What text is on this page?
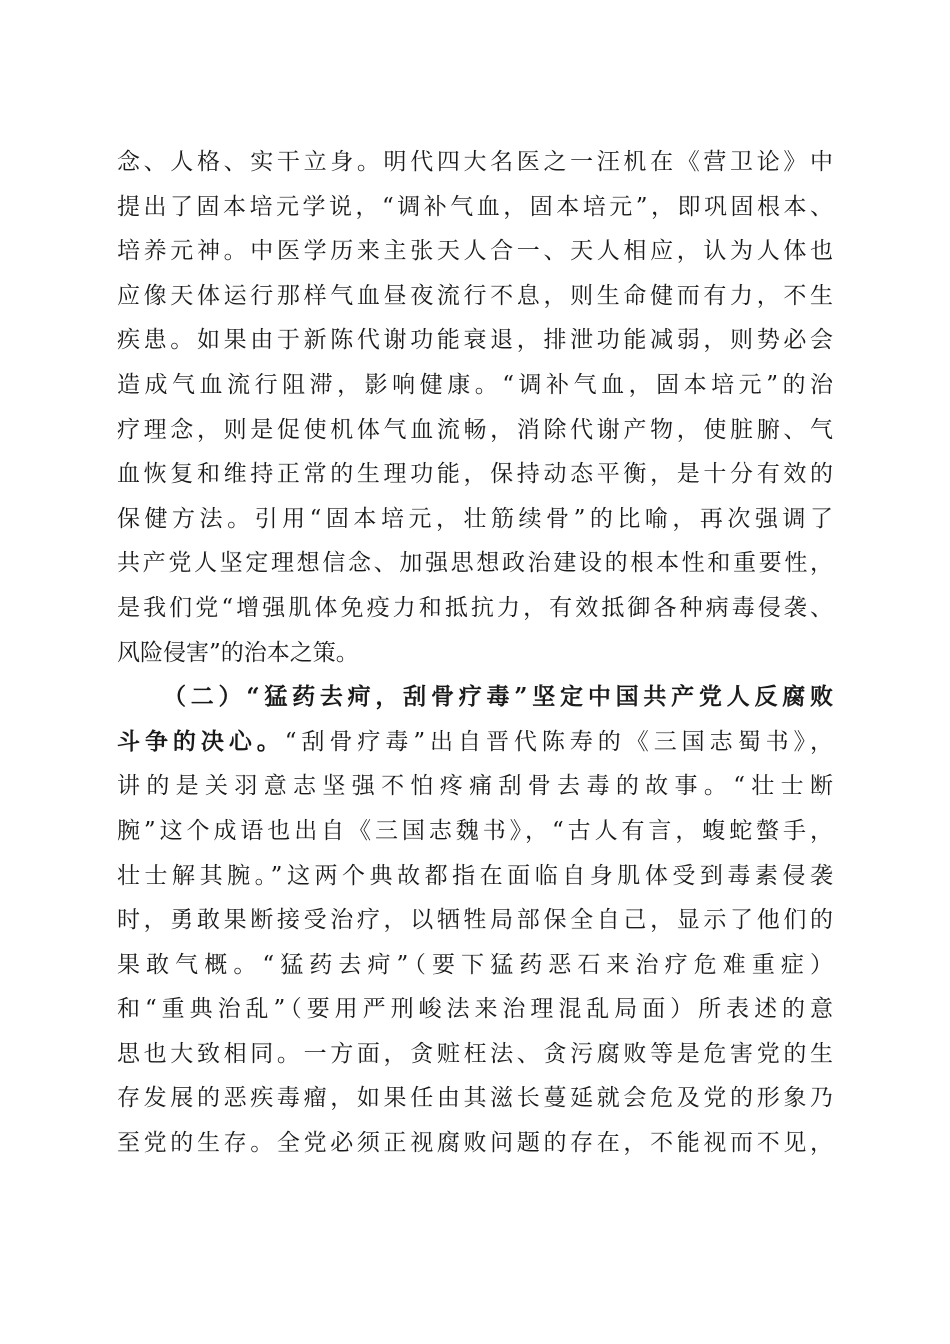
念、人格、实干立身。明代四大名医之一汪机在《营卫论》中
提出了固本培元学说，“调补气血，固本培元”，即巩固根本、
培养元神。中医学历来主张天人合一、天人相应，认为人体也
应像天体运行那样气血昼夜流行不息，则生命健而有力，不生
疾患。如果由于新陈代谢功能衰退，排泄功能减弱，则势必会
造成气血流行阻滞，影响健康。“调补气血，固本培元”的治
疗理念，则是促使机体气血流畅，消除代谢产物，使脏腑、气
血恢复和维持正常的生理功能，保持动态平衡，是十分有效的
保健方法。引用“固本培元，壮筋续骨”的比喻，再次强调了
共产党人坚定理想信念、加强思想政治建设的根本性和重要性，
是我们党“增强肌体免疫力和抵抗力，有效抵御各种病毒侵袭、
风险侵害”的治本之策。
（二）“猛药去疴，刮骨疗毒”坚定中国共产党人反腐败
斗争的决心。“刮骨疗毒”出自晋代陈寿的《三国志蜀书》，
讲的是关羽意志坚强不怕疼痛刮骨去毒的故事。“壮士断
腕”这个成语也出自《三国志魏书》，“古人有言，蝮蛇螫手，
壮士解其腕。”这两个典故都指在面临自身肌体受到毒素侵袭
时，勇敢果断接受治疗，以牺牲局部保全自己，显示了他们的
果敢气概。“猛药去疴”（要下猛药恶石来治疗危难重症）
和“重典治乱”（要用严刑峻法来治理混乱局面）所表述的意
思也大致相同。一方面，贪赃枉法、贪污腐败等是危害党的生
存发展的恶疾毒瘤，如果任由其滋长蔓延就会危及党的形象乃
至党的生存。全党必须正视腐败问题的存在，不能视而不见，
